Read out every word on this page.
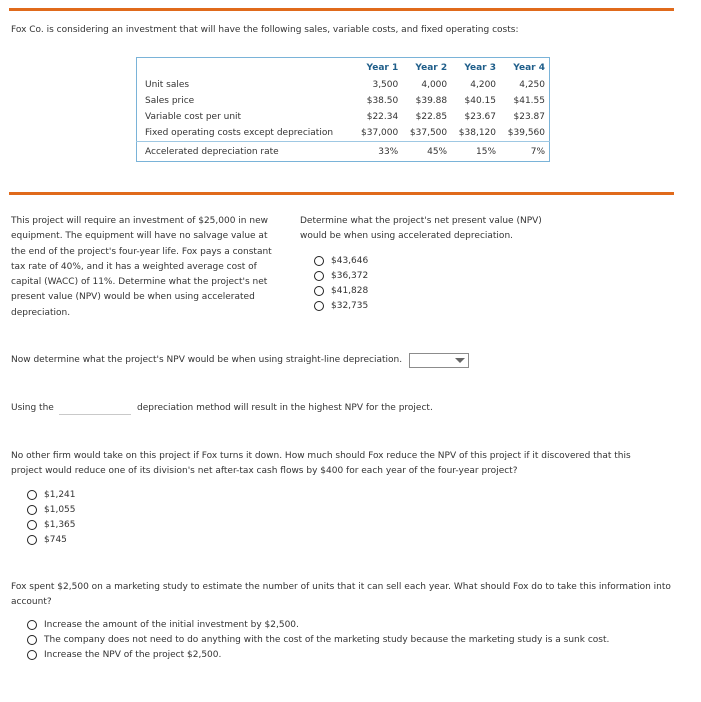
Fox Co. is considering an investment that will have the following sales, variable costs, and fixed operating costs:
	Year 1	Year 2	Year 3	Year 4
Unit sales	3,500	4,000	4,200	4,250
Sales price	$38.50	$39.88	$40.15	$41.55
Variable cost per unit	$22.34	$22.85	$23.67	$23.87
Fixed operating costs except depreciation	$37,000	$37,500	$38,120	$39,560
Accelerated depreciation rate	33%	45%	15%	7%
This project will require an investment of $25,000 in new equipment. The equipment will have no salvage value at the end of the project's four-year life. Fox pays a constant tax rate of 40%, and it has a weighted average cost of capital (WACC) of 11%. Determine what the project's net present value (NPV) would be when using accelerated depreciation.
Determine what the project's net present value (NPV) would be when using accelerated depreciation.
$43,646
$36,372
$41,828
$32,735
Now determine what the project's NPV would be when using straight-line depreciation.
Using the	depreciation method will result in the highest NPV for the project.
No other firm would take on this project if Fox turns it down. How much should Fox reduce the NPV of this project if it discovered that this project would reduce one of its division's net after-tax cash flows by $400 for each year of the four-year project?
$1,241
$1,055
$1,365
$745
Fox spent $2,500 on a marketing study to estimate the number of units that it can sell each year. What should Fox do to take this information into account?
Increase the amount of the initial investment by $2,500.
The company does not need to do anything with the cost of the marketing study because the marketing study is a sunk cost.
Increase the NPV of the project $2,500.
